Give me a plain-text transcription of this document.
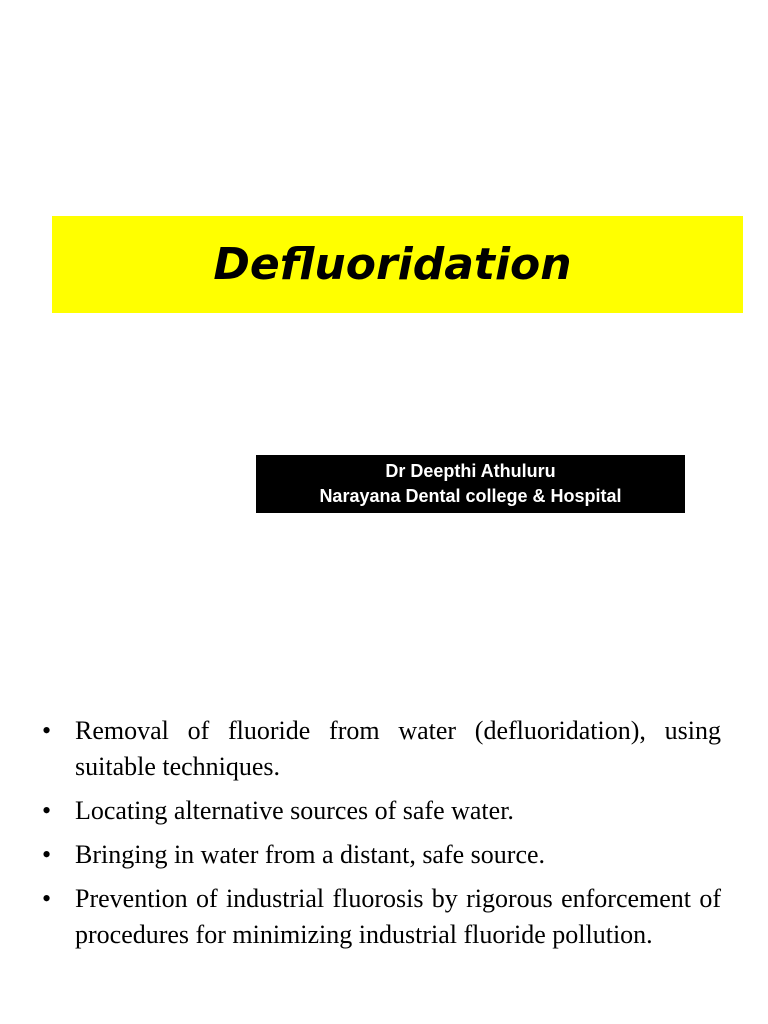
Defluoridation
Dr Deepthi Athuluru
Narayana Dental college & Hospital
• Removal of fluoride from water (defluoridation), using suitable techniques.
• Locating alternative sources of safe water.
• Bringing in water from a distant, safe source.
• Prevention of industrial fluorosis by rigorous enforcement of procedures for minimizing industrial fluoride pollution.
